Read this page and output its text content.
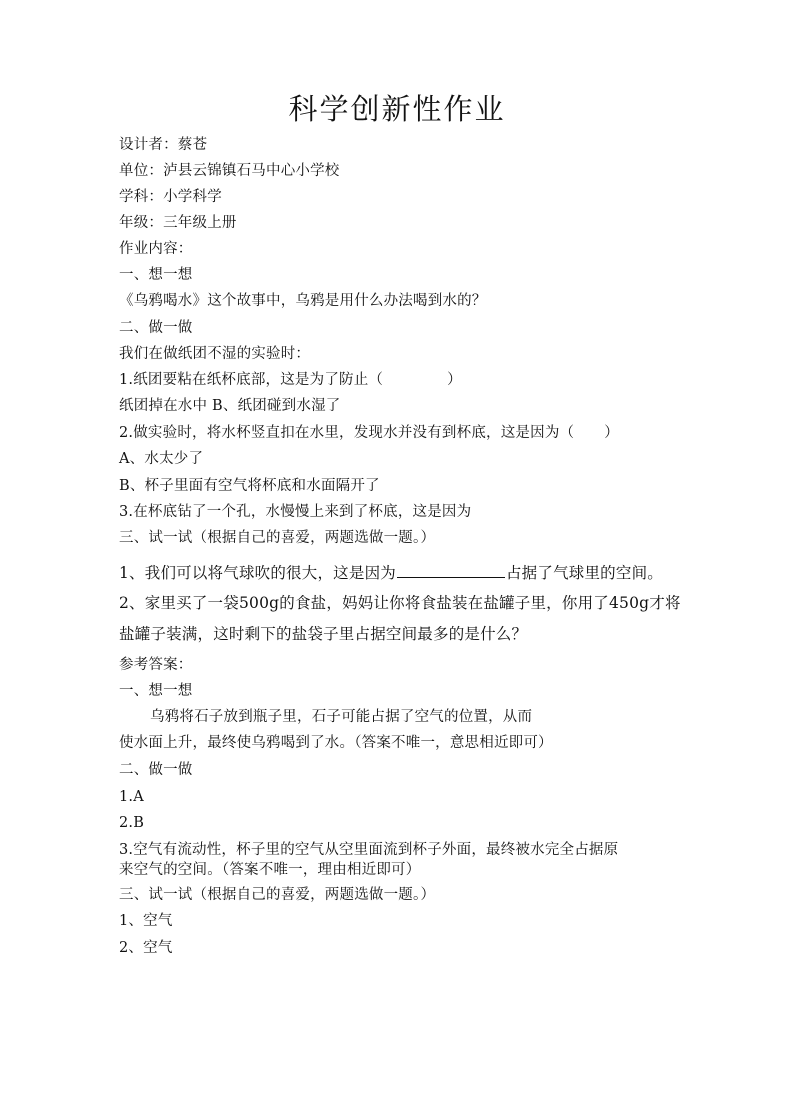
科学创新性作业
设计者：蔡苍
单位：泸县云锦镇石马中心小学校
学科：小学科学
年级：三年级上册
作业内容：
一、想一想
《乌鸦喝水》这个故事中，乌鸦是用什么办法喝到水的？
二、做一做
我们在做纸团不湿的实验时：
1.纸团要粘在纸杯底部，这是为了防止（	）
纸团掉在水中 B、纸团碰到水湿了
2.做实验时，将水杯竖直扣在水里，发现水并没有到杯底，这是因为（ ）
A、水太少了
B、杯子里面有空气将杯底和水面隔开了
3.在杯底钻了一个孔，水慢慢上来到了杯底，这是因为
三、试一试（根据自己的喜爱，两题选做一题。）
1、我们可以将气球吹的很大，这是因为	占据了气球里的空间。
2、家里买了一袋500g的食盐，妈妈让你将食盐装在盐罐子里，你用了450g才将
盐罐子装满，这时剩下的盐袋子里占据空间最多的是什么？
参考答案：
一、想一想
乌鸦将石子放到瓶子里，石子可能占据了空气的位置，从而
使水面上升，最终使乌鸦喝到了水。（答案不唯一，意思相近即可）
二、做一做
1.A
2.B
3.空气有流动性，杯子里的空气从空里面流到杯子外面，最终被水完全占据原
来空气的空间。（答案不唯一，理由相近即可）
三、试一试（根据自己的喜爱，两题选做一题。）
1、空气
2、空气
